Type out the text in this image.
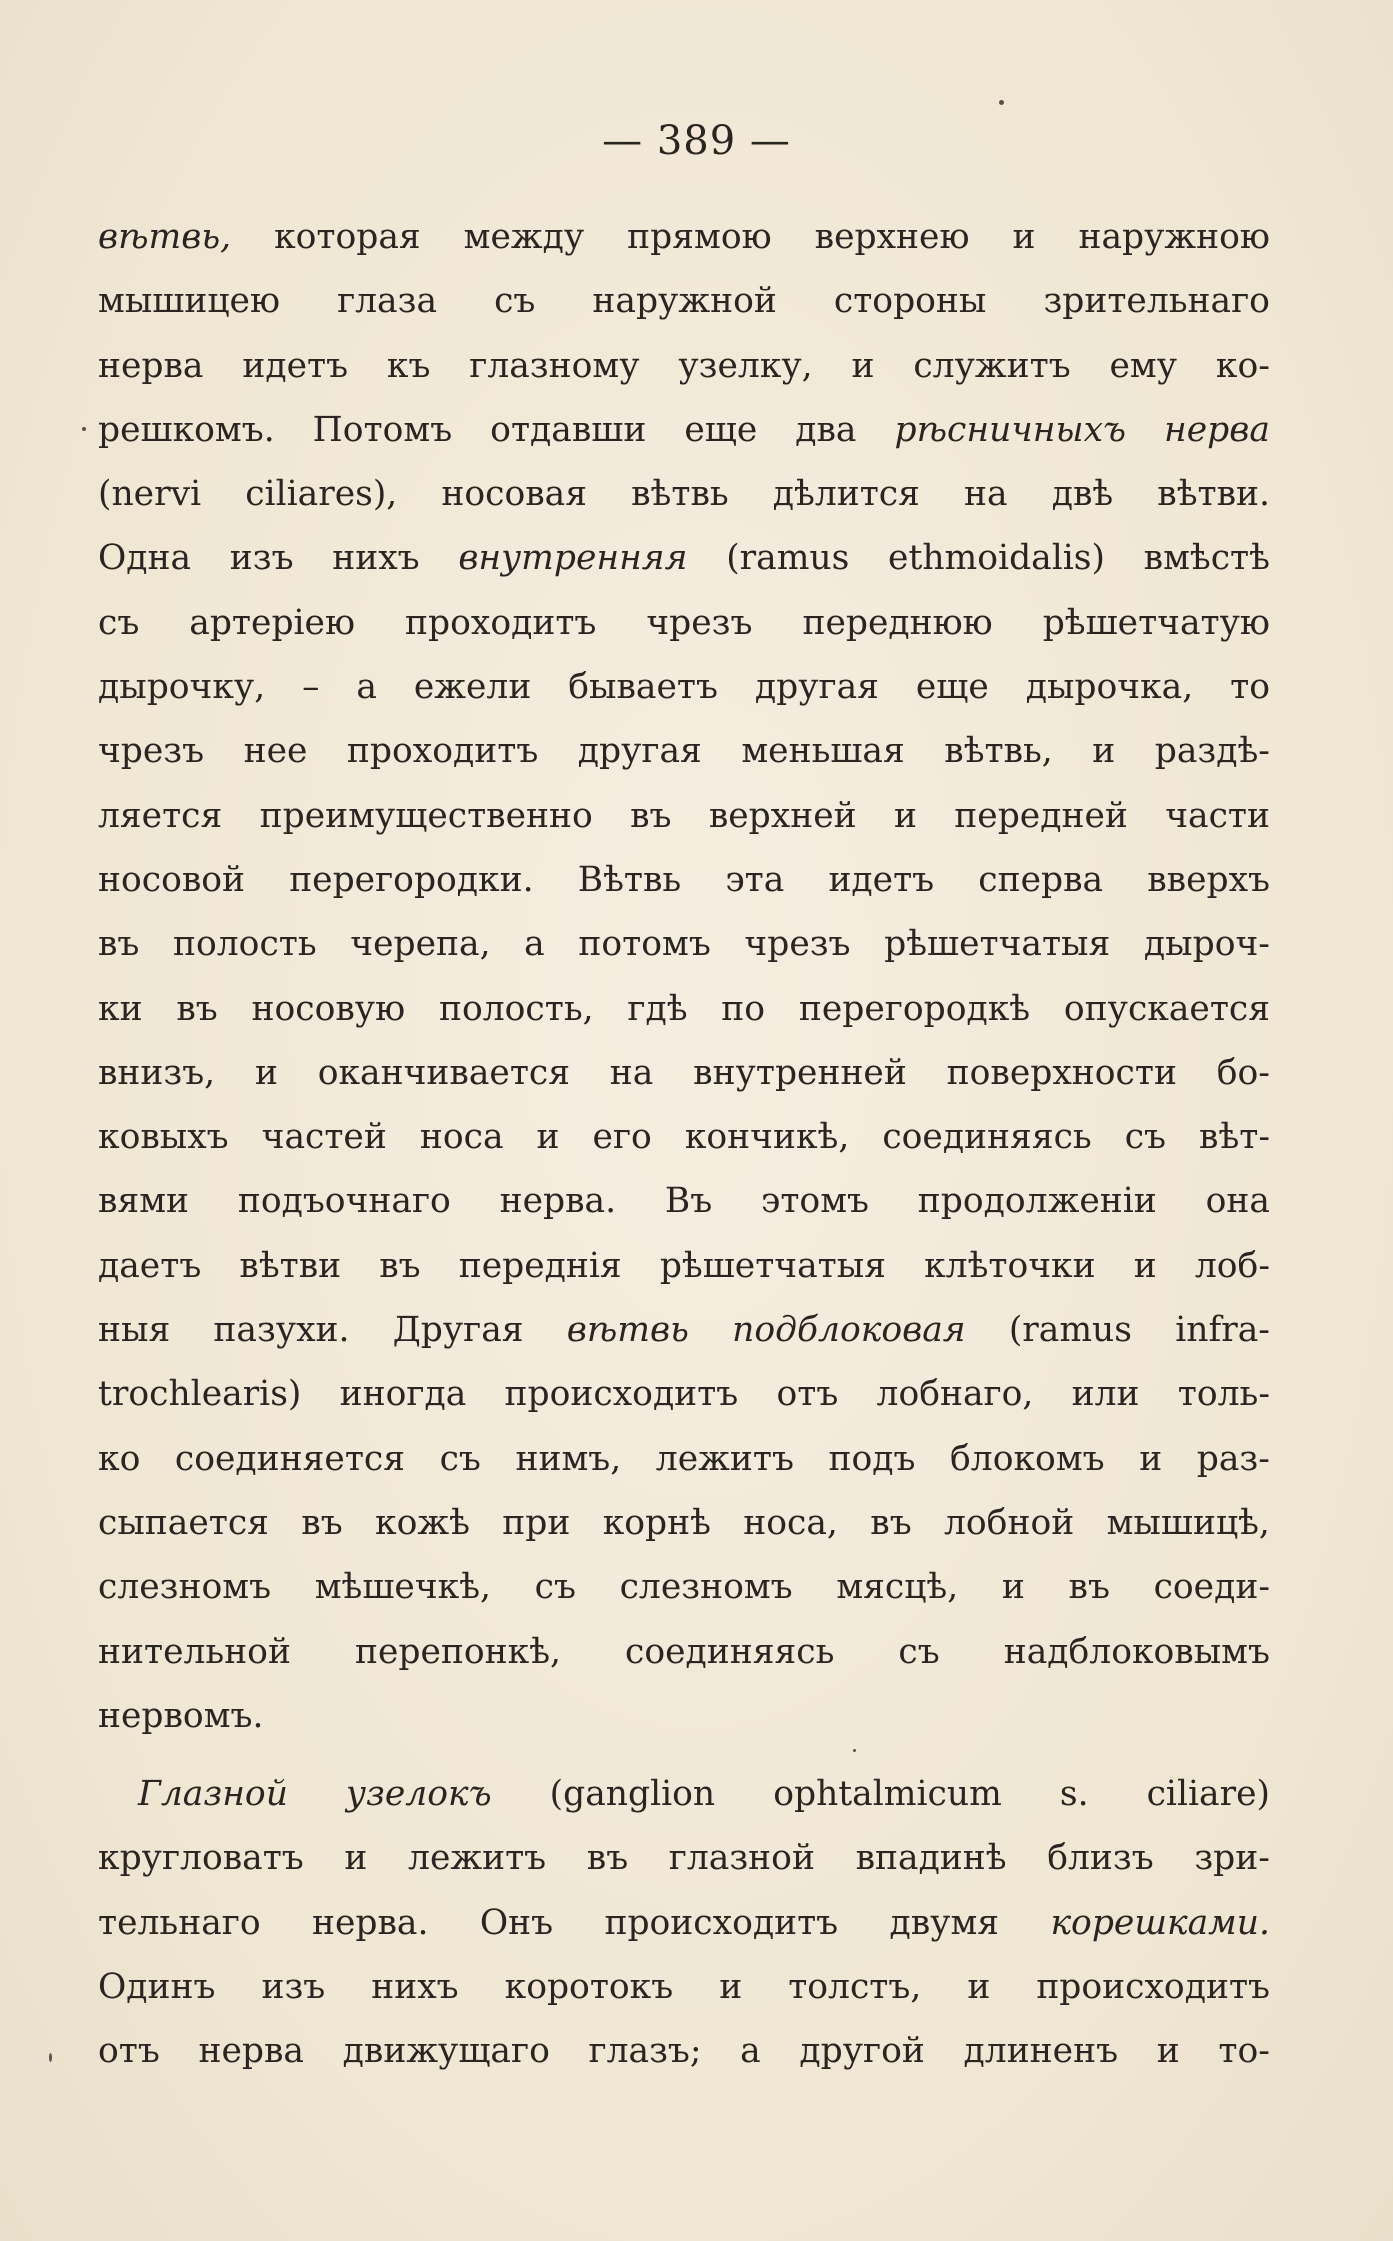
— 389 —
вѣтвь, которая между прямою верхнею и наружною
мышицею глаза съ наружной стороны зрительнаго
нерва идетъ къ глазному узелку, и служитъ ему ко-
решкомъ. Потомъ отдавши еще два рѣсничныхъ нерва
(nervi ciliares), носовая вѣтвь дѣлится на двѣ вѣтви.
Одна изъ нихъ внутренняя (ramus ethmoidalis) вмѣстѣ
съ артеріею проходитъ чрезъ переднюю рѣшетчатую
дырочку, – а ежели бываетъ другая еще дырочка, то
чрезъ нее проходитъ другая меньшая вѣтвь, и раздѣ-
ляется преимущественно въ верхней и передней части
носовой перегородки. Вѣтвь эта идетъ сперва вверхъ
въ полость черепа, а потомъ чрезъ рѣшетчатыя дыроч-
ки въ носовую полость, гдѣ по перегородкѣ опускается
внизъ, и оканчивается на внутренней поверхности бо-
ковыхъ частей носа и его кончикѣ, соединяясь съ вѣт-
вями подъочнаго нерва. Въ этомъ продолженіи она
даетъ вѣтви въ переднія рѣшетчатыя клѣточки и лоб-
ныя пазухи. Другая вѣтвь подблоковая (ramus infra-
trochlearis) иногда происходитъ отъ лобнаго, или толь-
ко соединяется съ нимъ, лежитъ подъ блокомъ и раз-
сыпается въ кожѣ при корнѣ носа, въ лобной мышицѣ,
слезномъ мѣшечкѣ, съ слезномъ мясцѣ, и въ соеди-
нительной перепонкѣ, соединяясь съ надблоковымъ
нервомъ.
Глазной узелокъ (ganglion ophtalmicum s. ciliare)
кругловатъ и лежитъ въ глазной впадинѣ близъ зри-
тельнаго нерва. Онъ происходитъ двумя корешками.
Одинъ изъ нихъ коротокъ и толстъ, и происходитъ
отъ нерва движущаго глазъ; а другой длиненъ и то-
